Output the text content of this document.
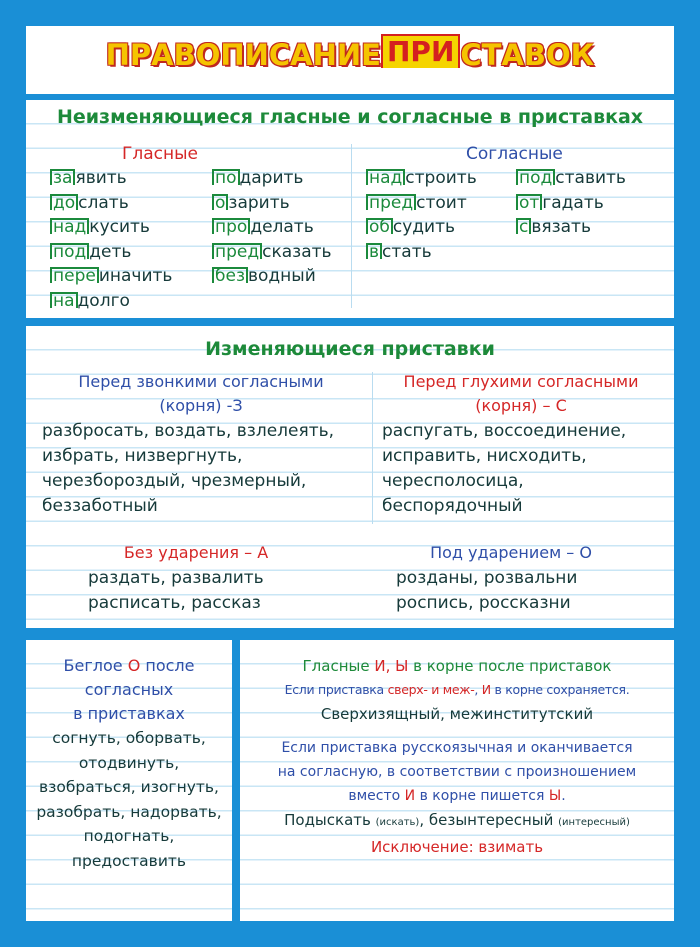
ПРАВОПИСАНИЕ ПРИ СТАВОК
Неизменяющиеся гласные и согласные в приставках
Гласные	Согласные
за явить
до слать
над кусить
под деть
пере иначить
на долго
по дарить
о зарить
про делать
пред сказать
без водный
над строить
пред стоит
об судить
в стать
под ставить
от гадать
с вязать
Изменяющиеся приставки
Перед звонкими согласными
(корня) -З
Перед глухими согласными
(корня) – С
разбросать, воздать, взлелеять,
избрать, низвергнуть,
черезбороздый, чрезмерный,
беззаботный
распугать, воссоединение,
исправить, нисходить,
чересполосица,
беспорядочный
Без ударения – А	Под ударением – О
раздать, развалить
расписать, рассказ
розданы, розвальни
роспись, россказни
Беглое О после
согласных
в приставках
согнуть, оборвать,
отодвинуть,
взобраться, изогнуть,
разобрать, надорвать,
подогнать,
предоставить
Гласные И, Ы в корне после приставок
Если приставка сверх- и меж-, И в корне сохраняется.
Сверхизящный, межинститутский
Если приставка русскоязычная и оканчивается
на согласную, в соответствии с произношением
вместо И в корне пишется Ы.
Подыскать (искать), безынтересный (интересный)
Исключение: взимать
